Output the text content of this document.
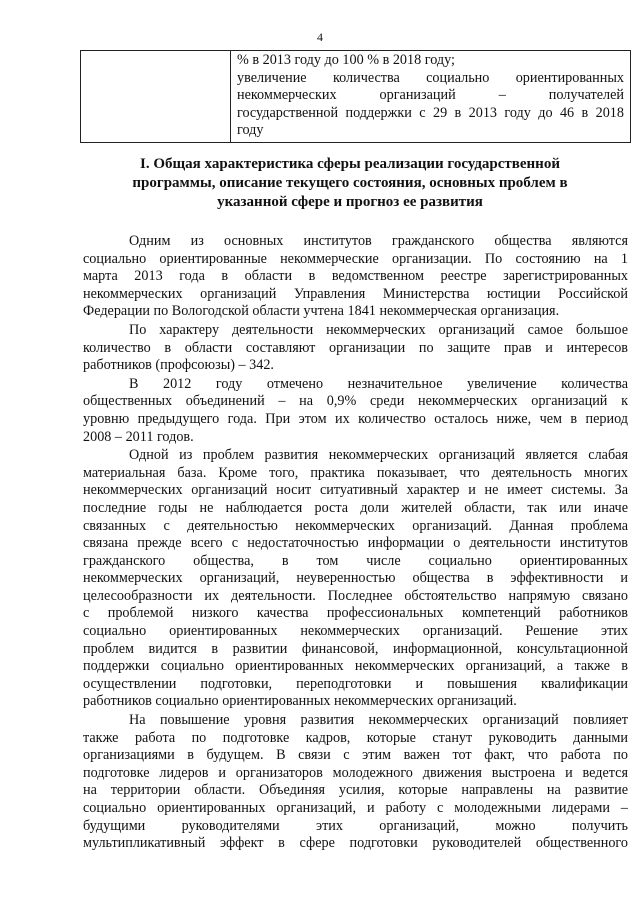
4

% в 2013 году до 100 % в 2018 году;
увеличение количества социально ориентированных
некоммерческих организаций – получателей
государственной поддержки с 29 в 2013 году до 46 в 2018
году
I. Общая характеристика сферы реализации государственной
программы, описание текущего состояния, основных проблем в
указанной сфере и прогноз ее развития
Одним из основных институтов гражданского общества являются
социально ориентированные некоммерческие организации. По состоянию на 1
марта 2013 года в области в ведомственном реестре зарегистрированных
некоммерческих организаций Управления Министерства юстиции Российской
Федерации по Вологодской области учтена 1841 некоммерческая организация.
По характеру деятельности некоммерческих организаций самое большое
количество в области составляют организации по защите прав и интересов
работников (профсоюзы) – 342.
В 2012 году отмечено незначительное увеличение количества
общественных объединений – на 0,9% среди некоммерческих организаций к
уровню предыдущего года. При этом их количество осталось ниже, чем в период
2008 – 2011 годов.
Одной из проблем развития некоммерческих организаций является слабая
материальная база. Кроме того, практика показывает, что деятельность многих
некоммерческих организаций носит ситуативный характер и не имеет системы. За
последние годы не наблюдается роста доли жителей области, так или иначе
связанных с деятельностью некоммерческих организаций. Данная проблема
связана прежде всего с недостаточностью информации о деятельности институтов
гражданского общества, в том числе социально ориентированных
некоммерческих организаций, неуверенностью общества в эффективности и
целесообразности их деятельности. Последнее обстоятельство напрямую связано
с проблемой низкого качества профессиональных компетенций работников
социально ориентированных некоммерческих организаций. Решение этих
проблем видится в развитии финансовой, информационной, консультационной
поддержки социально ориентированных некоммерческих организаций, а также в
осуществлении подготовки, переподготовки и повышения квалификации
работников социально ориентированных некоммерческих организаций.
На повышение уровня развития некоммерческих организаций повлияет
также работа по подготовке кадров, которые станут руководить данными
организациями в будущем. В связи с этим важен тот факт, что работа по
подготовке лидеров и организаторов молодежного движения выстроена и ведется
на территории области. Объединяя усилия, которые направлены на развитие
социально ориентированных организаций, и работу с молодежными лидерами –
будущими руководителями этих организаций, можно получить
мультипликативный эффект в сфере подготовки руководителей общественного
